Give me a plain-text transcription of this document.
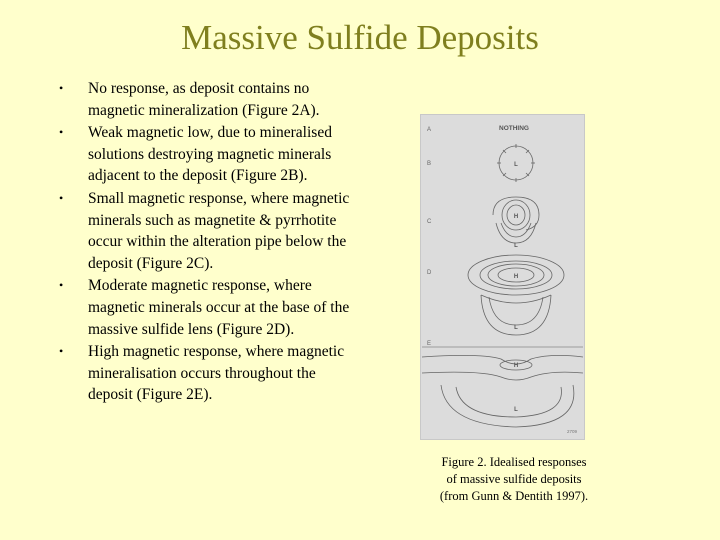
Massive Sulfide Deposits
• No response, as deposit contains no magnetic mineralization (Figure 2A).
• Weak magnetic low, due to mineralised solutions destroying magnetic minerals adjacent to the deposit (Figure 2B).
• Small magnetic response, where magnetic minerals such as magnetite & pyrrhotite occur within the alteration pipe below the deposit (Figure 2C).
• Moderate magnetic response, where magnetic minerals occur at the base of the massive sulfide lens (Figure 2D).
• High magnetic response, where magnetic mineralisation occurs throughout the deposit (Figure 2E).
A
B
C
D
E
NOTHING
L
H
L
H
L
H
L
2709
Figure 2. Idealised responses
of massive sulfide deposits
(from Gunn & Dentith 1997).
